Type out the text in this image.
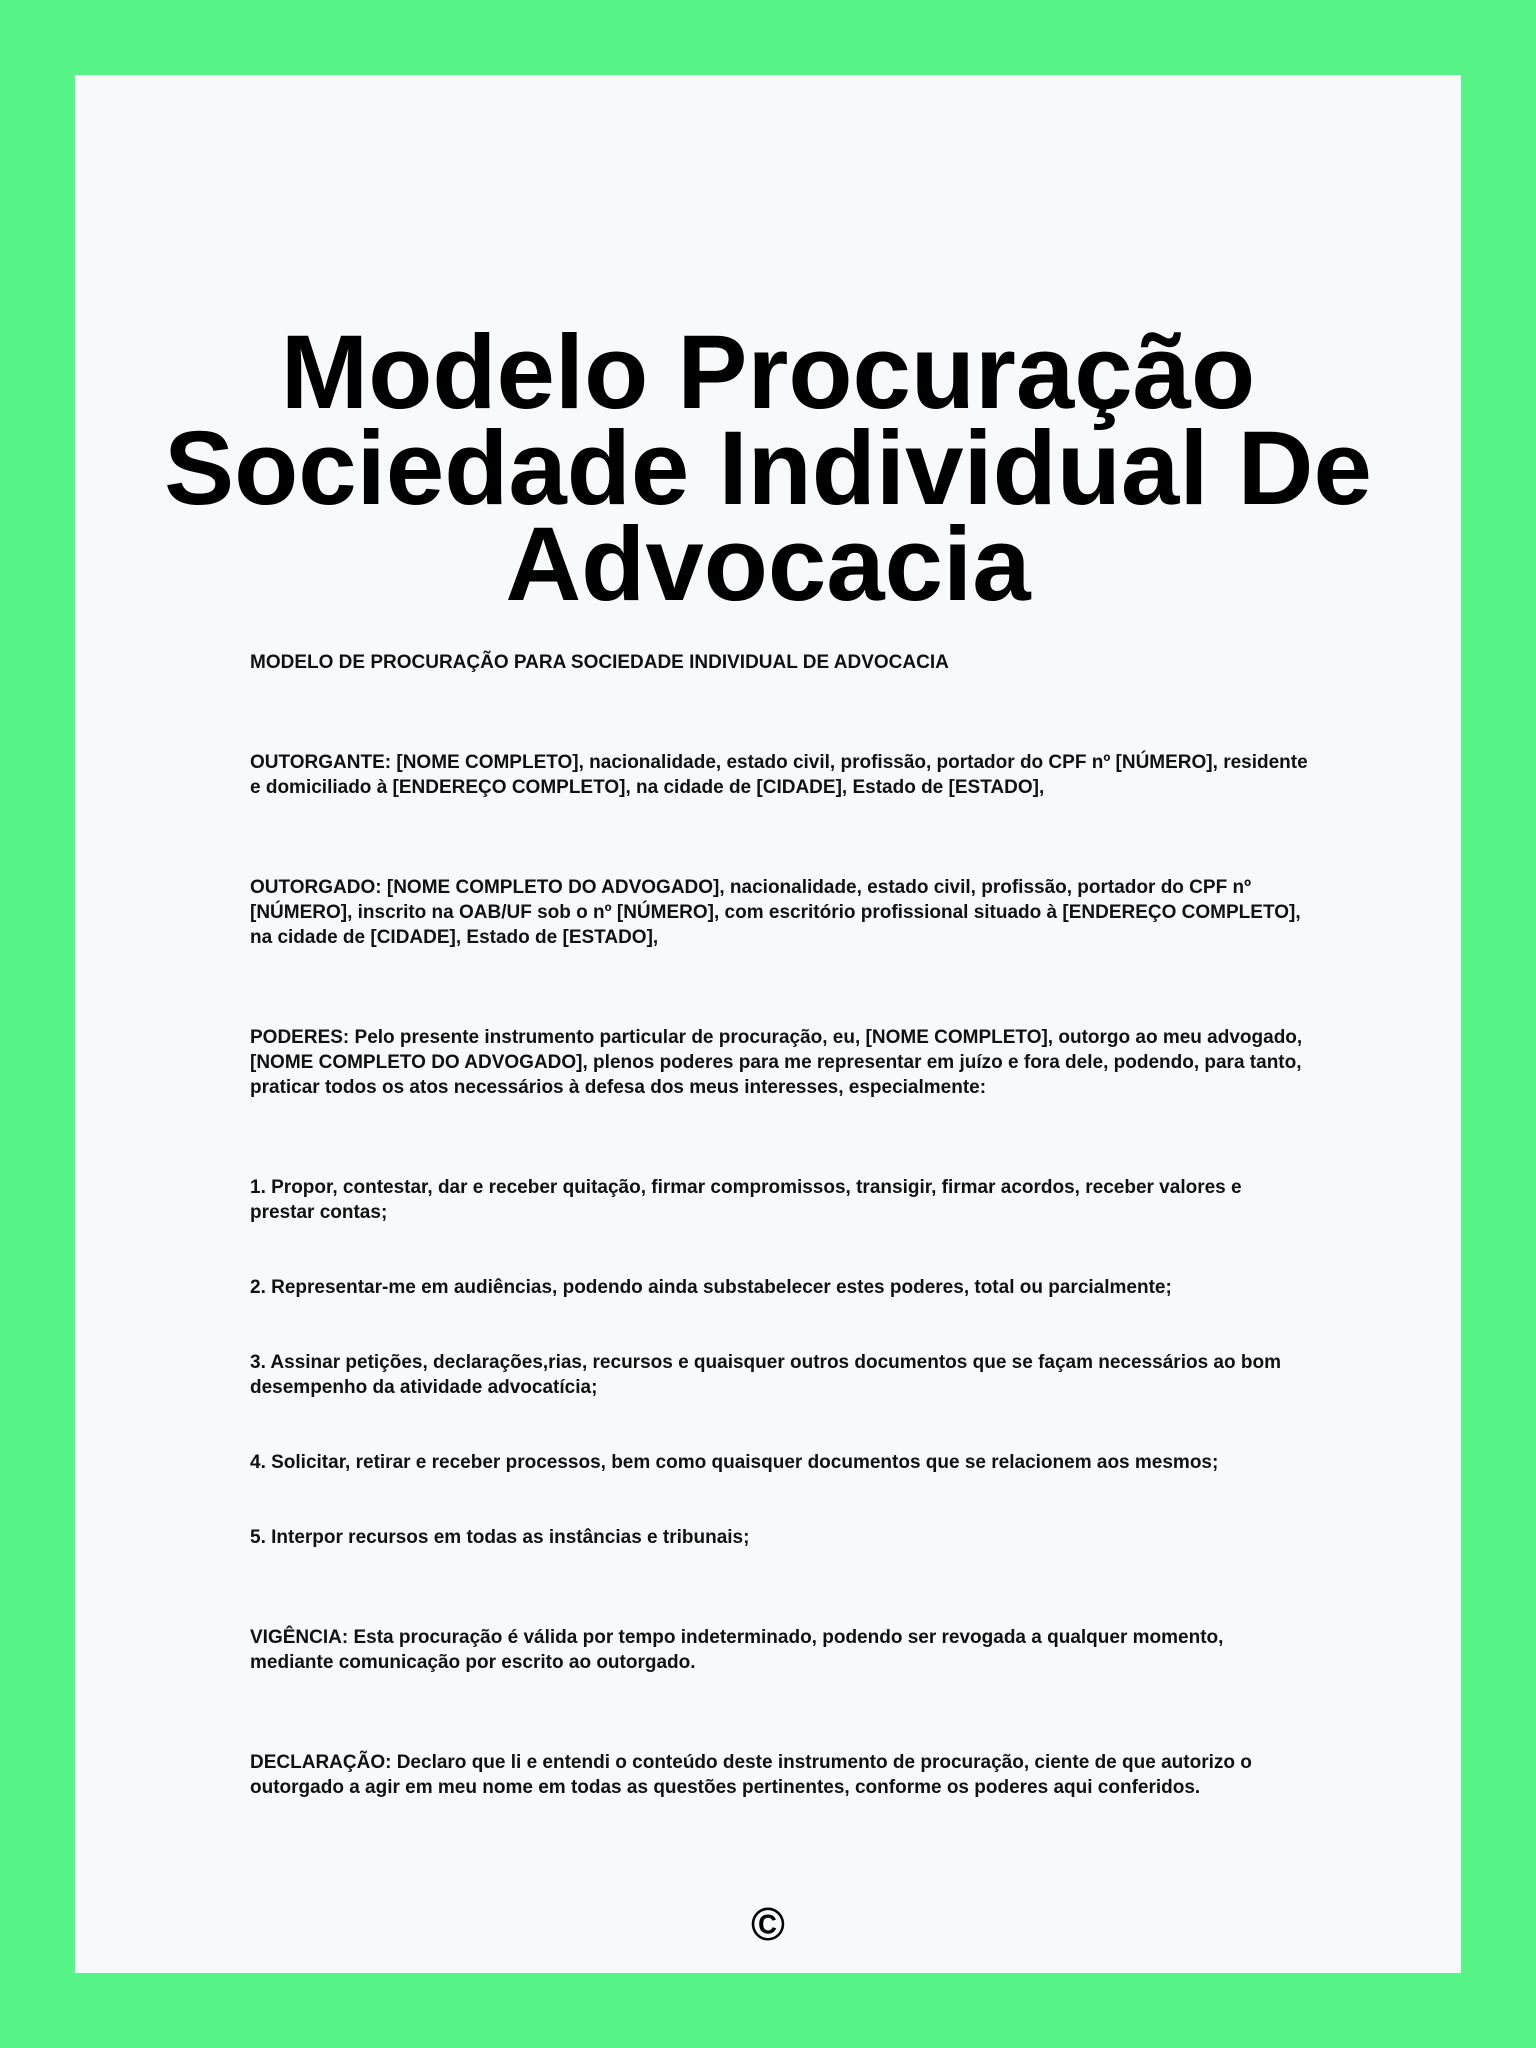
Modelo Procuração
Sociedade Individual De
Advocacia

MODELO DE PROCURAÇÃO PARA SOCIEDADE INDIVIDUAL DE ADVOCACIA

OUTORGANTE: [NOME COMPLETO], nacionalidade, estado civil, profissão, portador do CPF nº [NÚMERO], residente e domiciliado à [ENDEREÇO COMPLETO], na cidade de [CIDADE], Estado de [ESTADO],

OUTORGADO: [NOME COMPLETO DO ADVOGADO], nacionalidade, estado civil, profissão, portador do CPF nº [NÚMERO], inscrito na OAB/UF sob o nº [NÚMERO], com escritório profissional situado à [ENDEREÇO COMPLETO], na cidade de [CIDADE], Estado de [ESTADO],

PODERES: Pelo presente instrumento particular de procuração, eu, [NOME COMPLETO], outorgo ao meu advogado, [NOME COMPLETO DO ADVOGADO], plenos poderes para me representar em juízo e fora dele, podendo, para tanto, praticar todos os atos necessários à defesa dos meus interesses, especialmente:

1. Propor, contestar, dar e receber quitação, firmar compromissos, transigir, firmar acordos, receber valores e prestar contas;

2. Representar-me em audiências, podendo ainda substabelecer estes poderes, total ou parcialmente;

3. Assinar petições, declarações,rias, recursos e quaisquer outros documentos que se façam necessários ao bom desempenho da atividade advocatícia;

4. Solicitar, retirar e receber processos, bem como quaisquer documentos que se relacionem aos mesmos;

5. Interpor recursos em todas as instâncias e tribunais;

VIGÊNCIA: Esta procuração é válida por tempo indeterminado, podendo ser revogada a qualquer momento, mediante comunicação por escrito ao outorgado.

DECLARAÇÃO: Declaro que li e entendi o conteúdo deste instrumento de procuração, ciente de que autorizo o outorgado a agir em meu nome em todas as questões pertinentes, conforme os poderes aqui conferidos.

©
